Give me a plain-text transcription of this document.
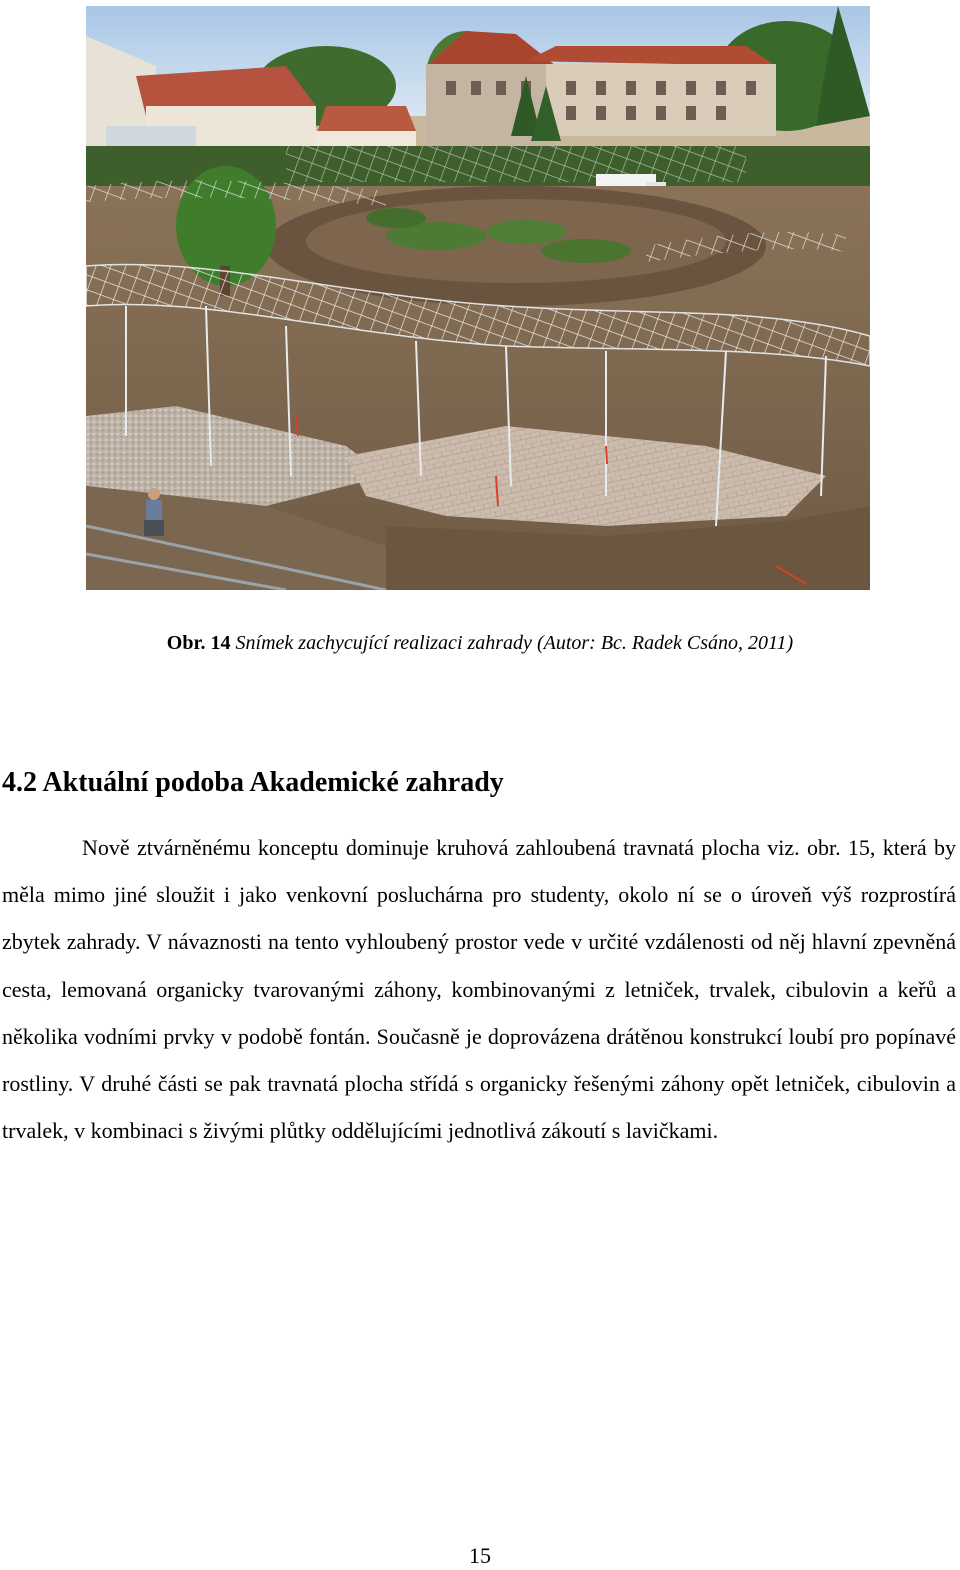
Obr. 14 Snímek zachycující realizaci zahrady (Autor: Bc. Radek Csáno, 2011)
4.2 Aktuální podoba Akademické zahrady

Nově ztvárněnému konceptu dominuje kruhová zahloubená travnatá plocha viz. obr. 15, která by měla mimo jiné sloužit i jako venkovní posluchárna pro studenty, okolo ní se o úroveň výš rozprostírá zbytek zahrady. V návaznosti na tento vyhloubený prostor vede v určité vzdálenosti od něj hlavní zpevněná cesta, lemovaná organicky tvarovanými záhony, kombinovanými z letniček, trvalek, cibulovin a keřů a několika vodními prvky v podobě fontán. Současně je doprovázena drátěnou konstrukcí loubí pro popínavé rostliny. V druhé části se pak travnatá plocha střídá s organicky řešenými záhony opět letniček, cibulovin a trvalek, v kombinaci s živými plůtky oddělujícími jednotlivá zákoutí s lavičkami.

15
